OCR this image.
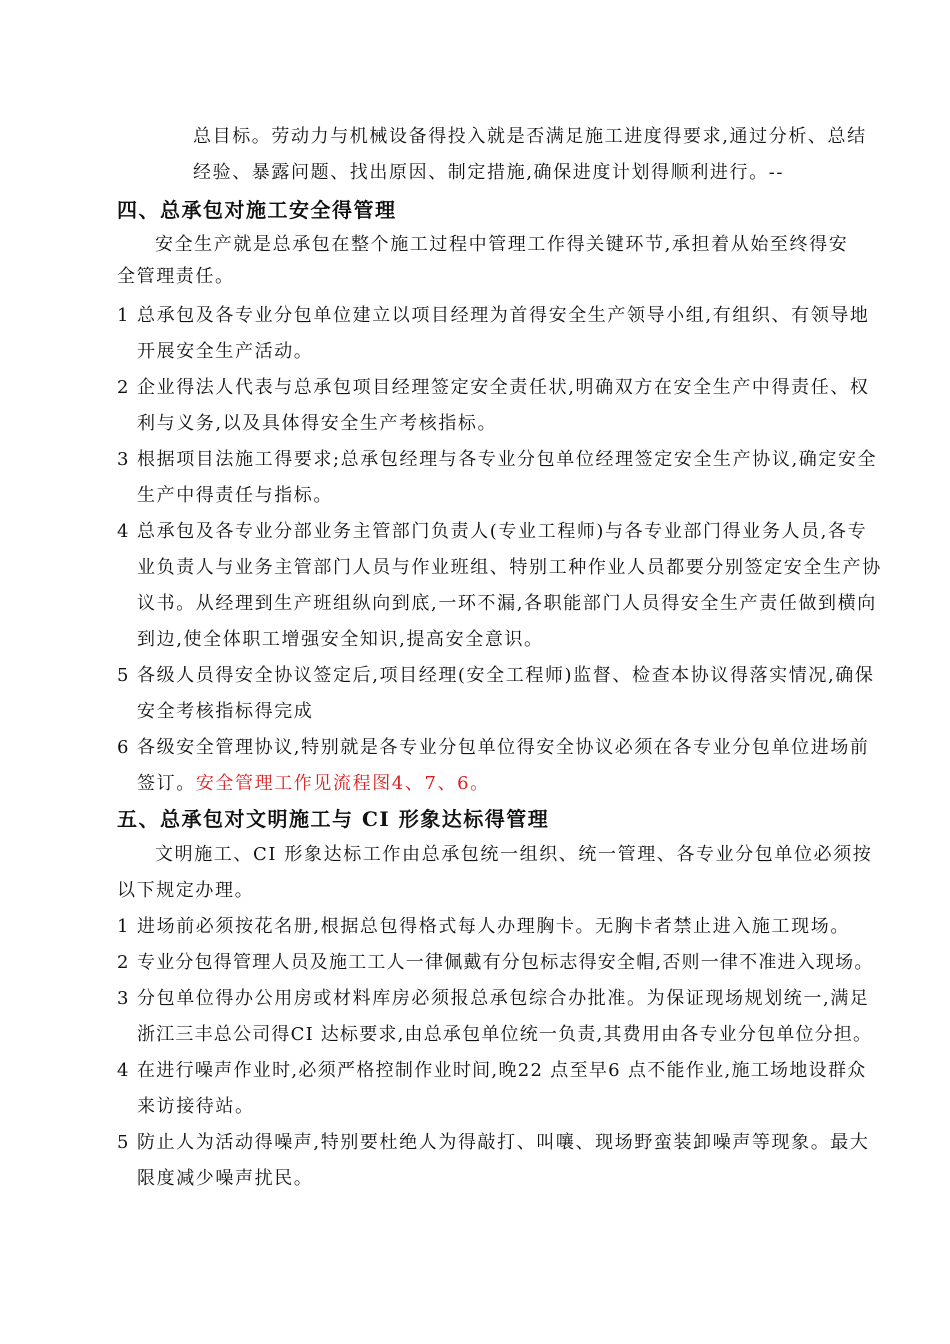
总目标。劳动力与机械设备得投入就是否满足施工进度得要求,通过分析、总结
经验、暴露问题、找出原因、制定措施,确保进度计划得顺利进行。--
四、总承包对施工安全得管理
安全生产就是总承包在整个施工过程中管理工作得关键环节,承担着从始至终得安
全管理责任。
1 总承包及各专业分包单位建立以项目经理为首得安全生产领导小组,有组织、有领导地
开展安全生产活动。
2 企业得法人代表与总承包项目经理签定安全责任状,明确双方在安全生产中得责任、权
利与义务,以及具体得安全生产考核指标。
3 根据项目法施工得要求;总承包经理与各专业分包单位经理签定安全生产协议,确定安全
生产中得责任与指标。
4 总承包及各专业分部业务主管部门负责人(专业工程师)与各专业部门得业务人员,各专
业负责人与业务主管部门人员与作业班组、特别工种作业人员都要分别签定安全生产协
议书。从经理到生产班组纵向到底,一环不漏,各职能部门人员得安全生产责任做到横向
到边,使全体职工增强安全知识,提高安全意识。
5 各级人员得安全协议签定后,项目经理(安全工程师)监督、检查本协议得落实情况,确保
安全考核指标得完成
6 各级安全管理协议,特别就是各专业分包单位得安全协议必须在各专业分包单位进场前
签订。安全管理工作见流程图4、7、6。
五、总承包对文明施工与 CI 形象达标得管理
文明施工、CI 形象达标工作由总承包统一组织、统一管理、各专业分包单位必须按
以下规定办理。
1 进场前必须按花名册,根据总包得格式每人办理胸卡。无胸卡者禁止进入施工现场。
2 专业分包得管理人员及施工工人一律佩戴有分包标志得安全帽,否则一律不准进入现场。
3 分包单位得办公用房或材料库房必须报总承包综合办批准。为保证现场规划统一,满足
浙江三丰总公司得CI 达标要求,由总承包单位统一负责,其费用由各专业分包单位分担。
4 在进行噪声作业时,必须严格控制作业时间,晚22 点至早6 点不能作业,施工场地设群众
来访接待站。
5 防止人为活动得噪声,特别要杜绝人为得敲打、叫嚷、现场野蛮装卸噪声等现象。最大
限度减少噪声扰民。
